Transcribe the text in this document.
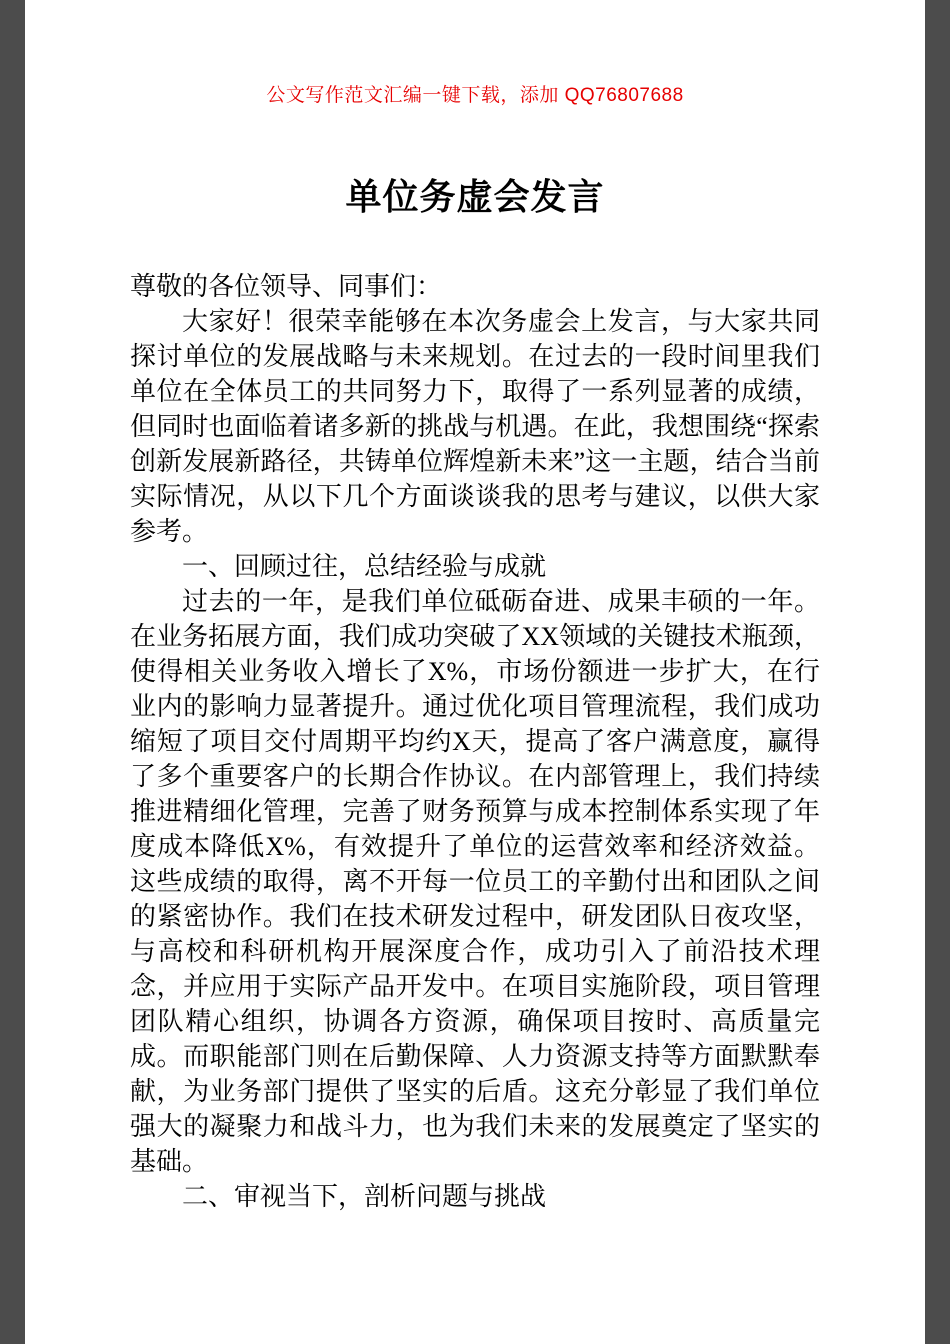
公文写作范文汇编一键下载，添加 QQ76807688
单位务虚会发言

尊敬的各位领导、同事们：

大家好！很荣幸能够在本次务虚会上发言，与大家共同探讨单位的发展战略与未来规划。在过去的一段时间里我们单位在全体员工的共同努力下，取得了一系列显著的成绩，但同时也面临着诸多新的挑战与机遇。在此，我想围绕“探索创新发展新路径，共铸单位辉煌新未来”这一主题，结合当前实际情况，从以下几个方面谈谈我的思考与建议，以供大家参考。

一、回顾过往，总结经验与成就

过去的一年，是我们单位砥砺奋进、成果丰硕的一年。在业务拓展方面，我们成功突破了XX领域的关键技术瓶颈，使得相关业务收入增长了X%，市场份额进一步扩大，在行业内的影响力显著提升。通过优化项目管理流程，我们成功缩短了项目交付周期平均约X天，提高了客户满意度，赢得了多个重要客户的长期合作协议。在内部管理上，我们持续推进精细化管理，完善了财务预算与成本控制体系实现了年度成本降低X%，有效提升了单位的运营效率和经济效益。这些成绩的取得，离不开每一位员工的辛勤付出和团队之间的紧密协作。我们在技术研发过程中，研发团队日夜攻坚，与高校和科研机构开展深度合作，成功引入了前沿技术理念，并应用于实际产品开发中。在项目实施阶段，项目管理团队精心组织，协调各方资源，确保项目按时、高质量完成。而职能部门则在后勤保障、人力资源支持等方面默默奉献，为业务部门提供了坚实的后盾。这充分彰显了我们单位强大的凝聚力和战斗力，也为我们未来的发展奠定了坚实的基础。

二、审视当下，剖析问题与挑战
